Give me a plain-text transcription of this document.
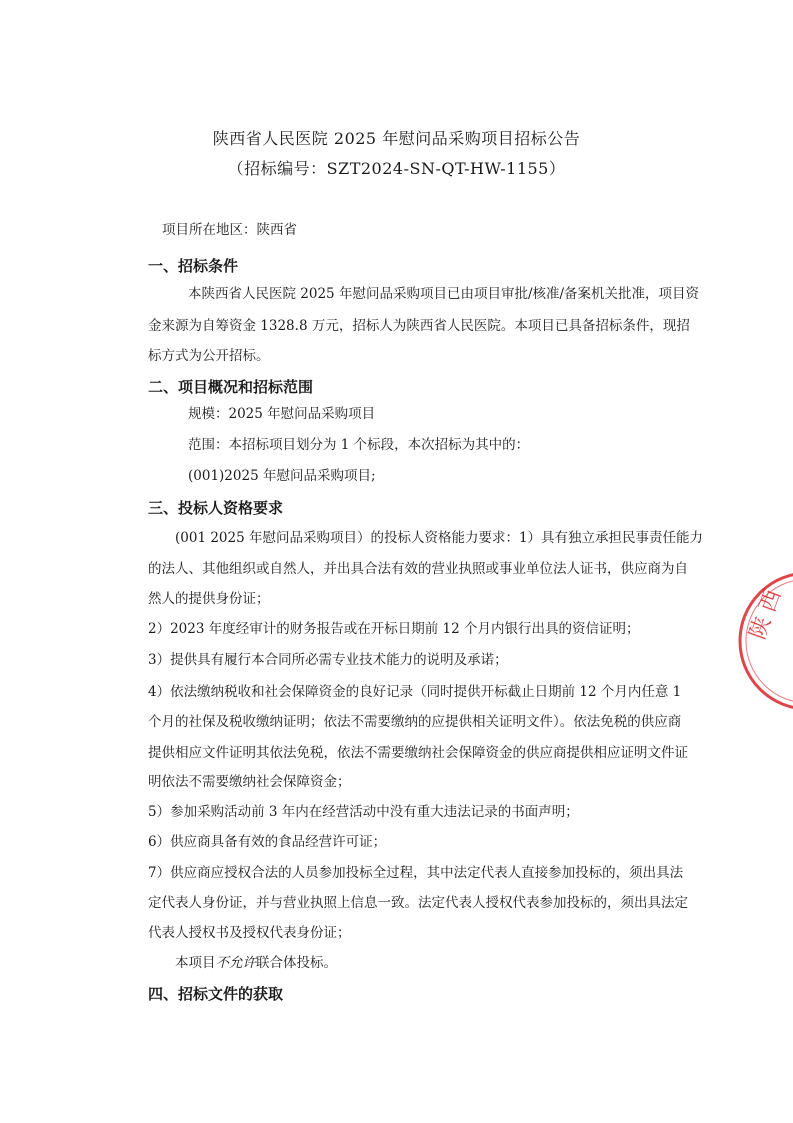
陕西省人民医院 2025 年慰问品采购项目招标公告
（招标编号：SZT2024-SN-QT-HW-1155）
项目所在地区：陕西省
一、招标条件
本陕西省人民医院 2025 年慰问品采购项目已由项目审批/核准/备案机关批准，项目资
金来源为自筹资金 1328.8 万元，招标人为陕西省人民医院。本项目已具备招标条件，现招
标方式为公开招标。
二、项目概况和招标范围
规模：2025 年慰问品采购项目
范围：本招标项目划分为 1 个标段，本次招标为其中的：
(001)2025 年慰问品采购项目;
三、投标人资格要求
(001 2025 年慰问品采购项目）的投标人资格能力要求：1）具有独立承担民事责任能力
的法人、其他组织或自然人，并出具合法有效的营业执照或事业单位法人证书，供应商为自
然人的提供身份证；
2）2023 年度经审计的财务报告或在开标日期前 12 个月内银行出具的资信证明；
3）提供具有履行本合同所必需专业技术能力的说明及承诺；
4）依法缴纳税收和社会保障资金的良好记录（同时提供开标截止日期前 12 个月内任意 1
个月的社保及税收缴纳证明；依法不需要缴纳的应提供相关证明文件）。依法免税的供应商
提供相应文件证明其依法免税，依法不需要缴纳社会保障资金的供应商提供相应证明文件证
明依法不需要缴纳社会保障资金；
5）参加采购活动前 3 年内在经营活动中没有重大违法记录的书面声明；
6）供应商具备有效的食品经营许可证；
7）供应商应授权合法的人员参加投标全过程，其中法定代表人直接参加投标的，须出具法
定代表人身份证，并与营业执照上信息一致。法定代表人授权代表参加投标的，须出具法定
代表人授权书及授权代表身份证；
本项目不允许联合体投标。
四、招标文件的获取
陕 西
